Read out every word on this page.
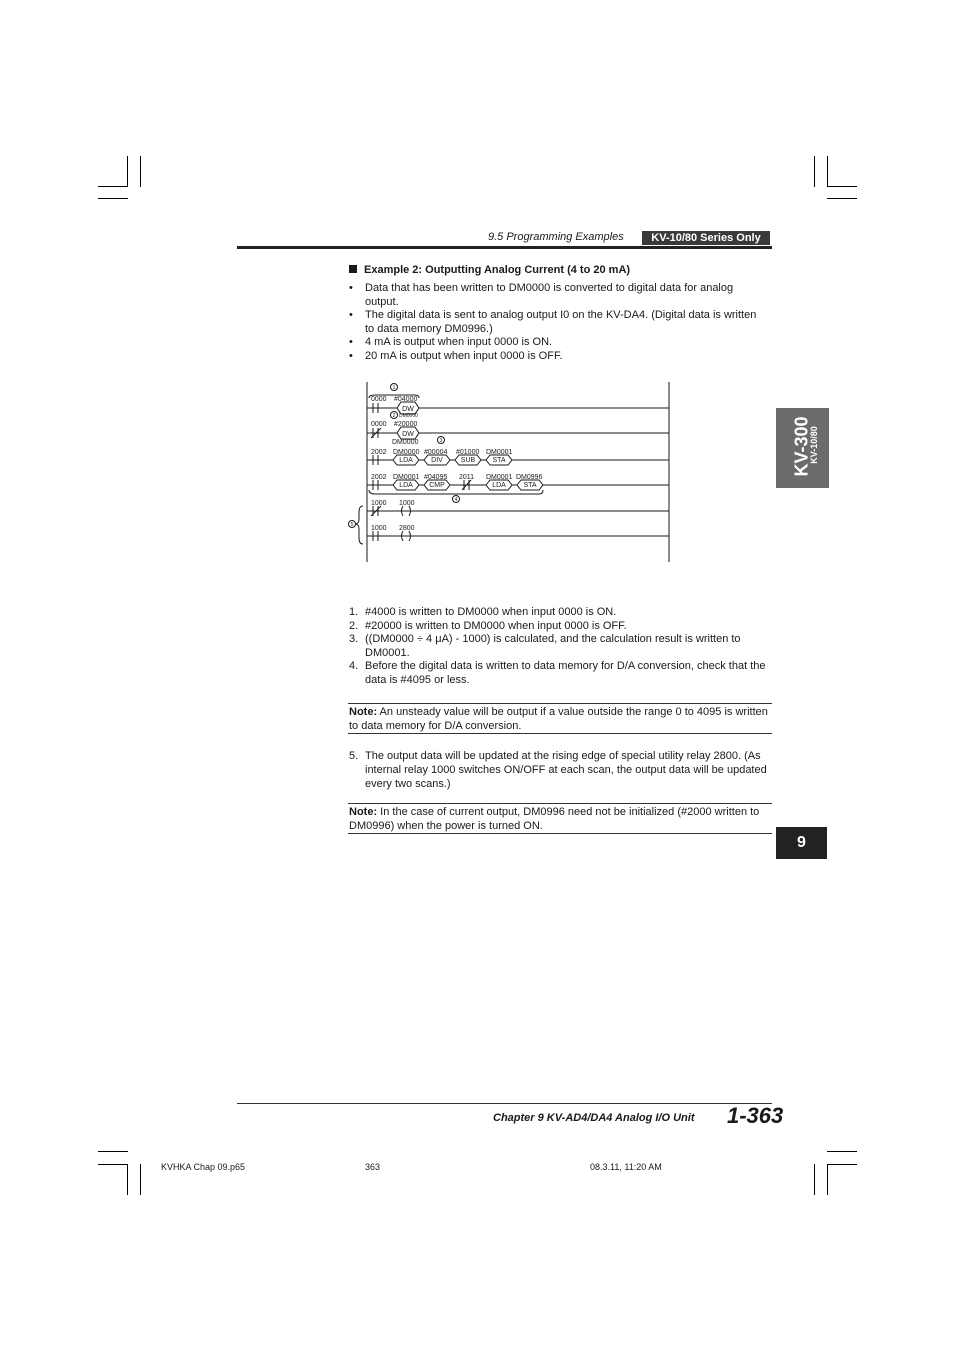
9.5 Programming Examples	KV-10/80 Series Only
KV-300
KV-10/80
9
Example 2: Outputting Analog Current (4 to 20 mA)
• Data that has been written to DM0000 is converted to digital data for analog output.
• The digital data is sent to analog output I0 on the KV-DA4. (Digital data is written to data memory DM0996.)
• 4 mA is output when input 0000 is ON.
• 20 mA is output when input 0000 is OFF.
0000 #04000
DW
0000 #20000
DW
DM0000
DM0000
2002 DM0000
LDA
#00004
DIV
#01000
SUB
DM0001
STA
2002 DM0001
LDA
#04095
CMP
2011 DM0001
LDA
DM0996
STA
1000 1000
1000 2800
1
2
3
4
5
1. #4000 is written to DM0000 when input 0000 is ON.
2. #20000 is written to DM0000 when input 0000 is OFF.
3. ((DM0000 ÷ 4 μA) - 1000) is calculated, and the calculation result is written to DM0001.
4. Before the digital data is written to data memory for D/A conversion, check that the data is #4095 or less.
Note: An unsteady value will be output if a value outside the range 0 to 4095 is written to data memory for D/A conversion.
5. The output data will be updated at the rising edge of special utility relay 2800. (As internal relay 1000 switches ON/OFF at each scan, the output data will be updated every two scans.)
Note: In the case of current output, DM0996 need not be initialized (#2000 written to DM0996) when the power is turned ON.
Chapter 9 KV-AD4/DA4 Analog I/O Unit 1-363
KVHKA Chap 09.p65	363	08.3.11, 11:20 AM
